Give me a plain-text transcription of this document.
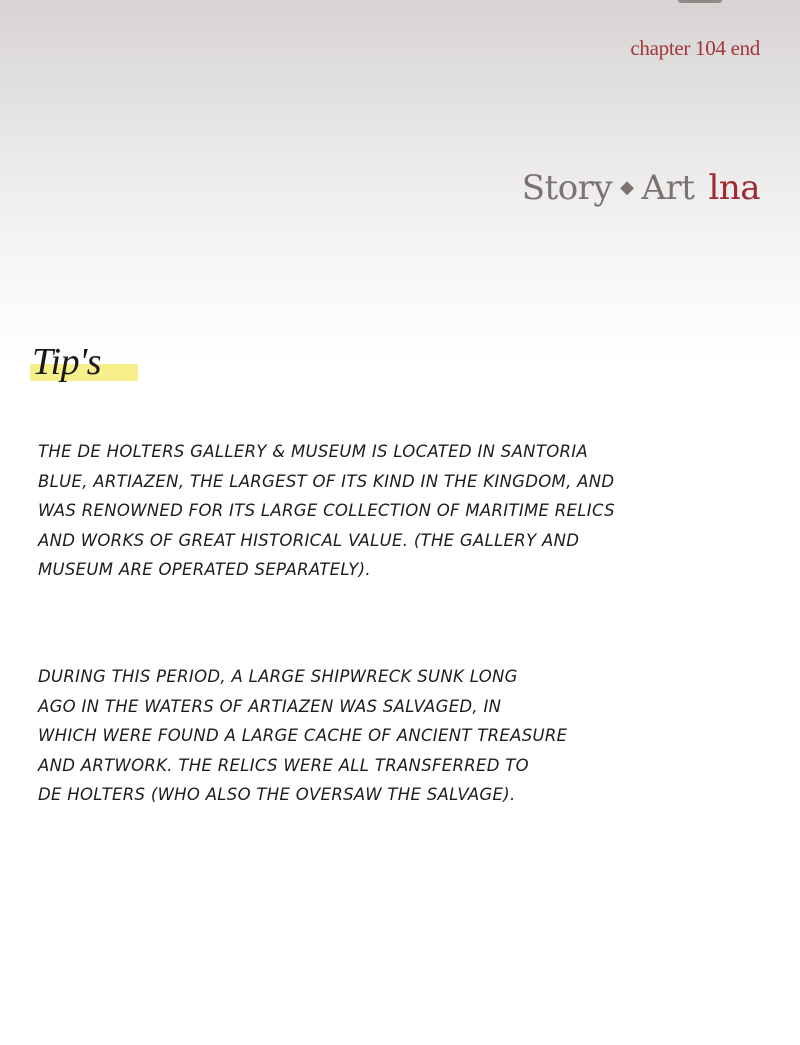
chapter 104 end
Story ◆ Art lna
Tip's
THE DE HOLTERS GALLERY & MUSEUM IS LOCATED IN SANTORIA
BLUE, ARTIAZEN, THE LARGEST OF ITS KIND IN THE KINGDOM, AND
WAS RENOWNED FOR ITS LARGE COLLECTION OF MARITIME RELICS
AND WORKS OF GREAT HISTORICAL VALUE. (THE GALLERY AND
MUSEUM ARE OPERATED SEPARATELY).
DURING THIS PERIOD, A LARGE SHIPWRECK SUNK LONG
AGO IN THE WATERS OF ARTIAZEN WAS SALVAGED, IN
WHICH WERE FOUND A LARGE CACHE OF ANCIENT TREASURE
AND ARTWORK. THE RELICS WERE ALL TRANSFERRED TO
DE HOLTERS (WHO ALSO THE OVERSAW THE SALVAGE).
